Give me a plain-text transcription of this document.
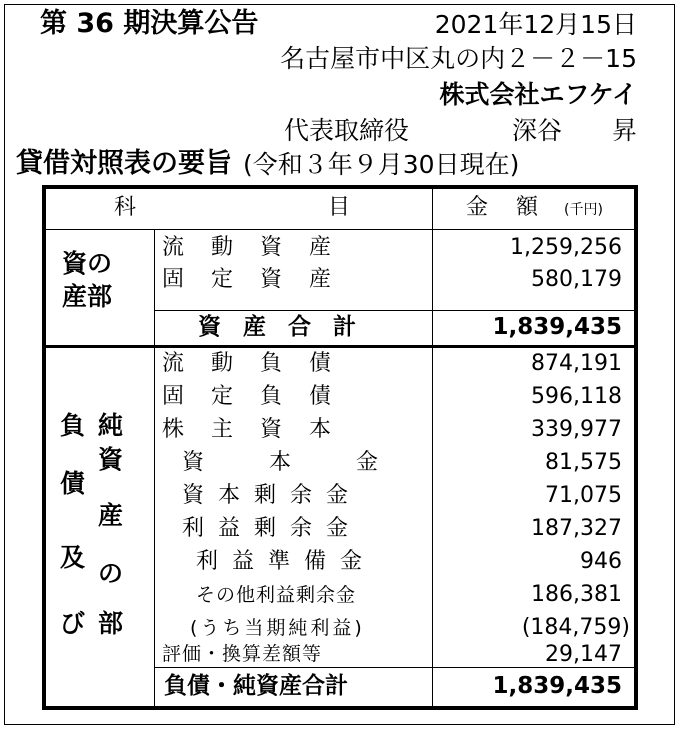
第 36 期決算公告	2021年12月15日
名古屋市中区丸の内２－２－15
株式会社エフケイ
代表取締役	深谷　　昇
貸借対照表の要旨 (令和３年９月30日現在)
科	目	金 額 (千円)
資の
産部
流動資産	1,259,256
固定資産	580,179
資産合計	1,839,435
負
債
及
び
純
資
産
の
部
流動負債	874,191
固定負債	596,118
株主資本	339,977
資本金	81,575
資本剰余金	71,075
利益剰余金	187,327
利益準備金	946
その他利益剰余金	186,381
(うち当期純利益)	(184,759)
評価・換算差額等	29,147
負債・純資産合計	1,839,435
